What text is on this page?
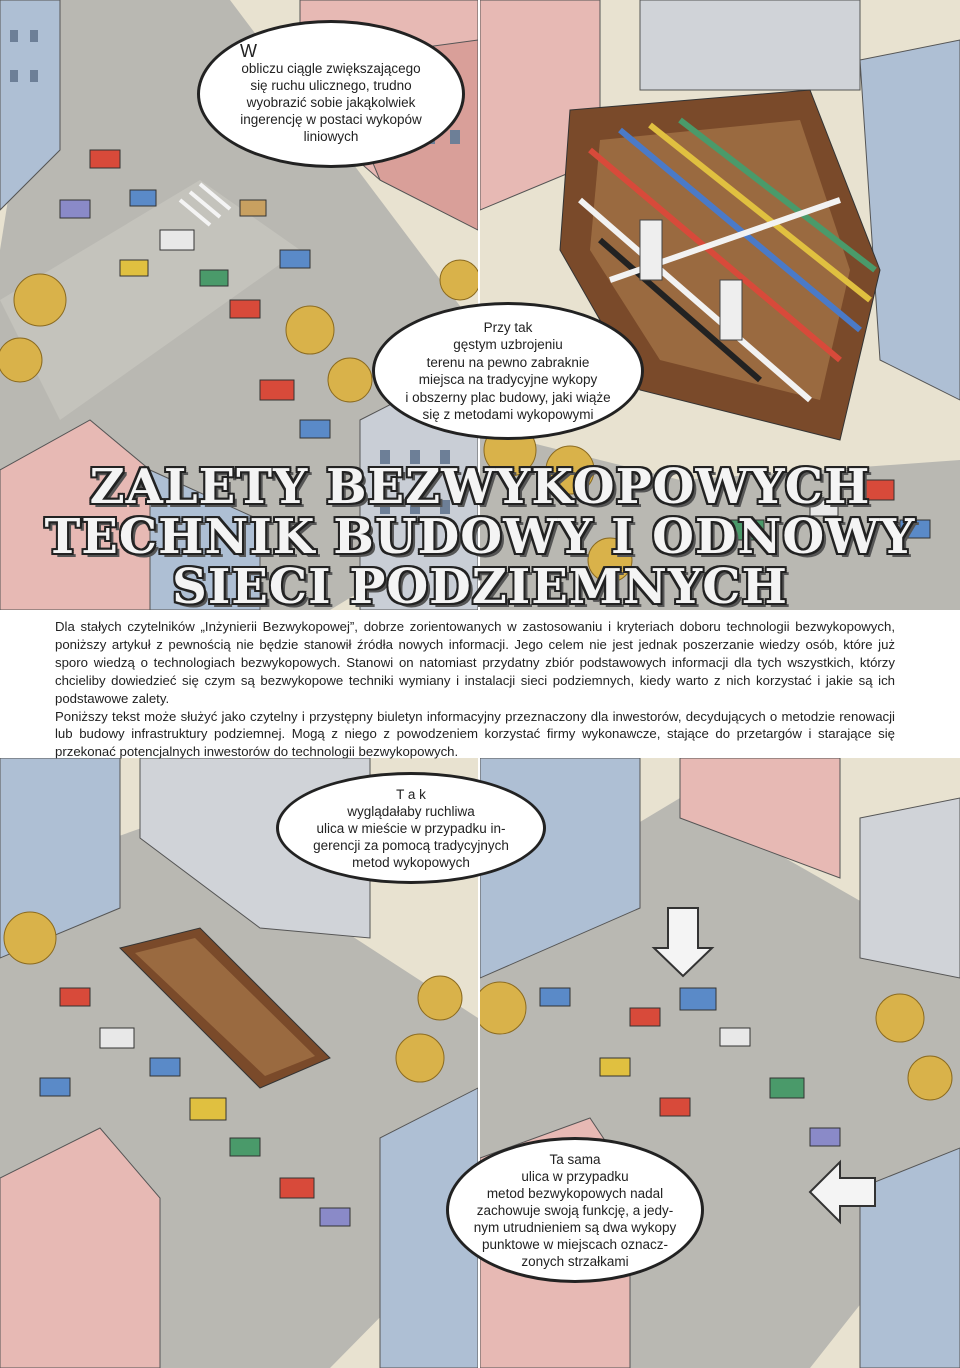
W
obliczu ciągle zwiększającego
się ruchu ulicznego, trudno
wyobrazić sobie jakąkolwiek
ingerencję w postaci wykopów
liniowych
Przy tak
gęstym uzbrojeniu
terenu na pewno zabraknie
miejsca na tradycyjne wykopy
i obszerny plac budowy, jaki wiąże
się z metodami wykopowymi
T a k
wyglądałaby ruchliwa
ulica w mieście w przypadku in-
gerencji za pomocą tradycyjnych
metod wykopowych
Ta sama
ulica w przypadku
metod bezwykopowych nadal
zachowuje swoją funkcję, a jedy-
nym utrudnieniem są dwa wykopy
punktowe w miejscach oznacz-
zonych strzałkami
ZALETY BEZWYKOPOWYCH
TECHNIK BUDOWY I ODNOWY
SIECI PODZIEMNYCH

Dla stałych czytelników „Inżynierii Bezwykopowej”, dobrze zorientowanych w zastosowaniu i kryteriach doboru technologii bezwykopowych, poniższy artykuł z pewnością nie będzie stanowił źródła nowych informacji. Jego celem nie jest jednak poszerzanie wiedzy osób, które już sporo wiedzą o technologiach bezwykopowych. Stanowi on natomiast przydatny zbiór podstawowych informacji dla tych wszystkich, którzy chcieliby dowiedzieć się czym są bezwykopowe techniki wymiany i instalacji sieci podziemnych, kiedy warto z nich korzystać i jakie są ich podstawowe zalety.

Poniższy tekst może służyć jako czytelny i przystępny biuletyn informacyjny przeznaczony dla inwestorów, decydujących o metodzie renowacji lub budowy infrastruktury podziemnej. Mogą z niego z powodzeniem korzystać firmy wykonawcze, stające do przetargów i starające się przekonać potencjalnych inwestorów do technologii bezwykopowych.
